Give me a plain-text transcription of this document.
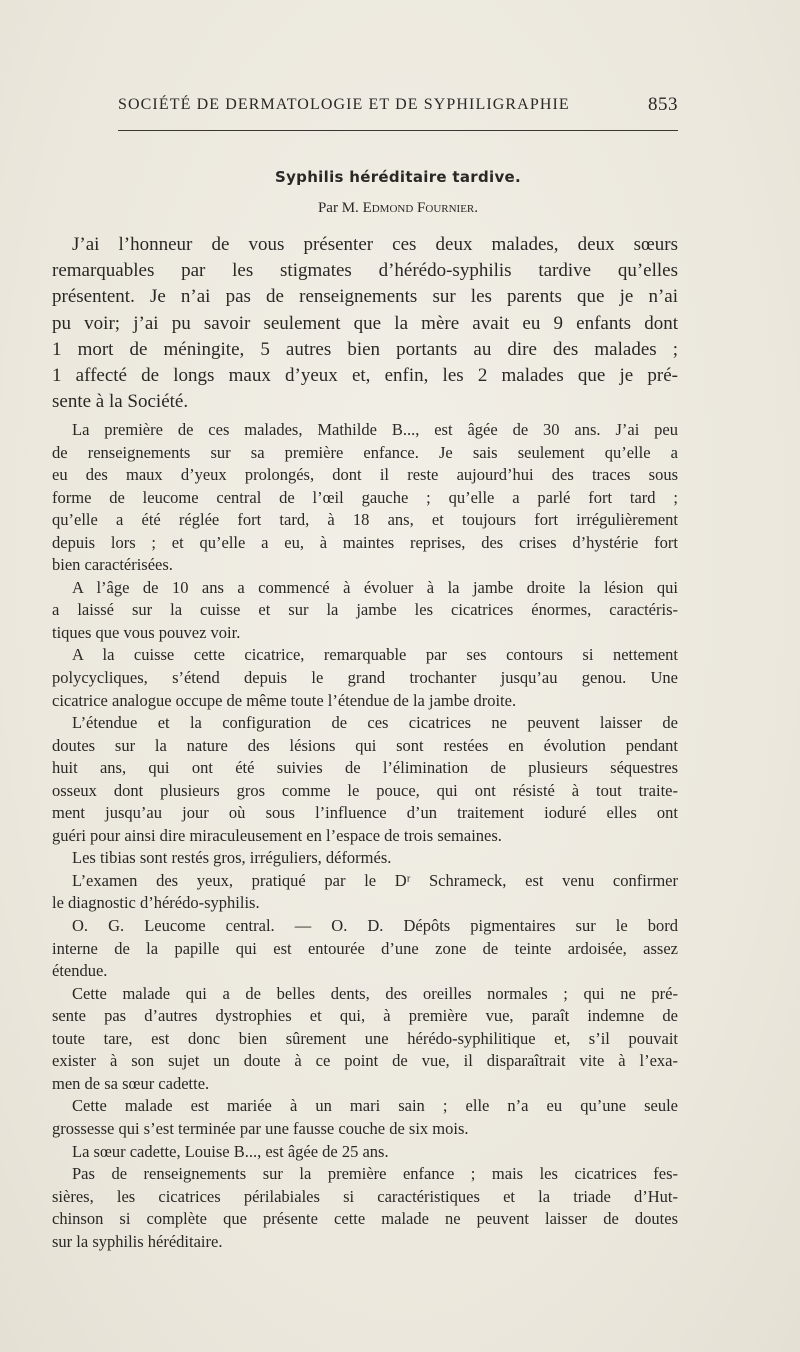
SOCIÉTÉ DE DERMATOLOGIE ET DE SYPHILIGRAPHIE	853
Syphilis héréditaire tardive.
Par M. Edmond Fournier.
J’ai l’honneur de vous présenter ces deux malades, deux sœurs
remarquables par les stigmates d’hérédo-syphilis tardive qu’elles
présentent. Je n’ai pas de renseignements sur les parents que je n’ai
pu voir; j’ai pu savoir seulement que la mère avait eu 9 enfants dont
1 mort de méningite, 5 autres bien portants au dire des malades ;
1 affecté de longs maux d’yeux et, enfin, les 2 malades que je pré-
sente à la Société.
La première de ces malades, Mathilde B..., est âgée de 30 ans. J’ai peu
de renseignements sur sa première enfance. Je sais seulement qu’elle a
eu des maux d’yeux prolongés, dont il reste aujourd’hui des traces sous
forme de leucome central de l’œil gauche ; qu’elle a parlé fort tard ;
qu’elle a été réglée fort tard, à 18 ans, et toujours fort irrégulièrement
depuis lors ; et qu’elle a eu, à maintes reprises, des crises d’hystérie fort
bien caractérisées.
A l’âge de 10 ans a commencé à évoluer à la jambe droite la lésion qui
a laissé sur la cuisse et sur la jambe les cicatrices énormes, caractéris-
tiques que vous pouvez voir.
A la cuisse cette cicatrice, remarquable par ses contours si nettement
polycycliques, s’étend depuis le grand trochanter jusqu’au genou. Une
cicatrice analogue occupe de même toute l’étendue de la jambe droite.
L’étendue et la configuration de ces cicatrices ne peuvent laisser de
doutes sur la nature des lésions qui sont restées en évolution pendant
huit ans, qui ont été suivies de l’élimination de plusieurs séquestres
osseux dont plusieurs gros comme le pouce, qui ont résisté à tout traite-
ment jusqu’au jour où sous l’influence d’un traitement ioduré elles ont
guéri pour ainsi dire miraculeusement en l’espace de trois semaines.
Les tibias sont restés gros, irréguliers, déformés.
L’examen des yeux, pratiqué par le Dʳ Schrameck, est venu confirmer
le diagnostic d’hérédo-syphilis.
O. G. Leucome central. — O. D. Dépôts pigmentaires sur le bord
interne de la papille qui est entourée d’une zone de teinte ardoisée, assez
étendue.
Cette malade qui a de belles dents, des oreilles normales ; qui ne pré-
sente pas d’autres dystrophies et qui, à première vue, paraît indemne de
toute tare, est donc bien sûrement une hérédo-syphilitique et, s’il pouvait
exister à son sujet un doute à ce point de vue, il disparaîtrait vite à l’exa-
men de sa sœur cadette.
Cette malade est mariée à un mari sain ; elle n’a eu qu’une seule
grossesse qui s’est terminée par une fausse couche de six mois.
La sœur cadette, Louise B..., est âgée de 25 ans.
Pas de renseignements sur la première enfance ; mais les cicatrices fes-
sières, les cicatrices périlabiales si caractéristiques et la triade d’Hut-
chinson si complète que présente cette malade ne peuvent laisser de doutes
sur la syphilis héréditaire.
